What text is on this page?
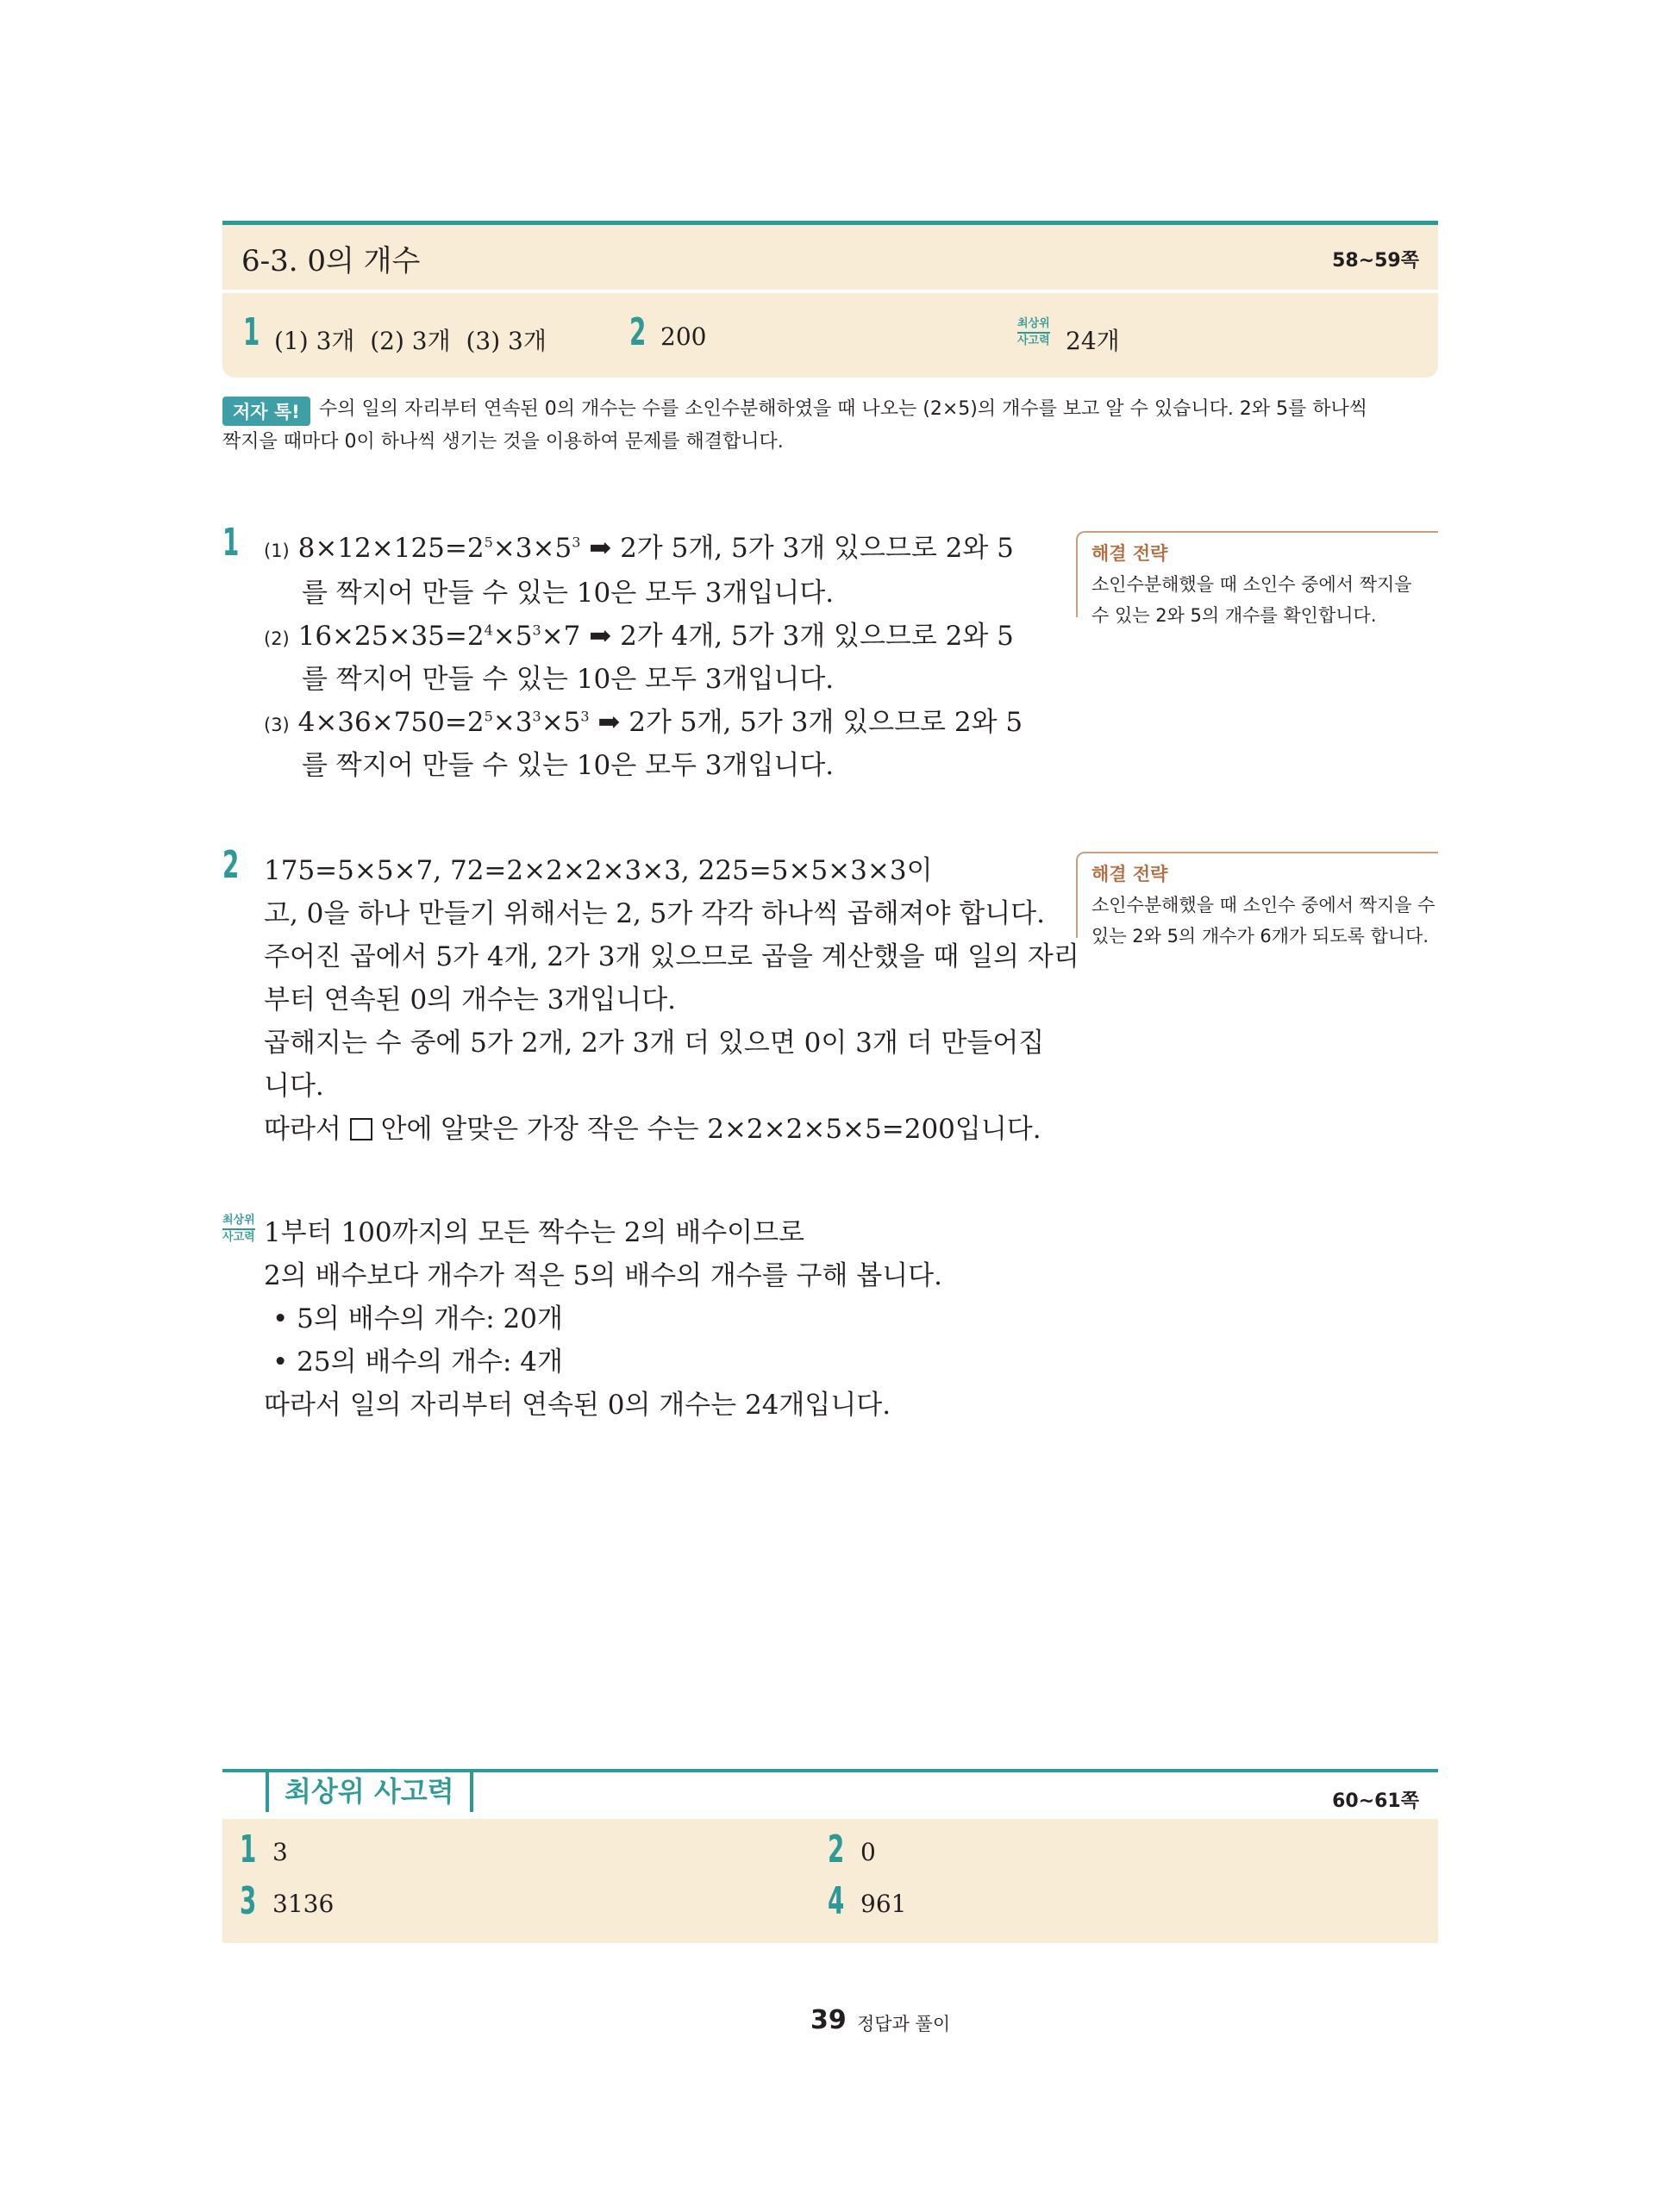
6-3. 0의 개수	58~59쪽
1 (1) 3개  (2) 3개  (3) 3개 2 200	최상위
사고력 24개
저자 톡!	수의 일의 자리부터 연속된 0의 개수는 수를 소인수분해하였을 때 나오는 (2×5)의 개수를 보고 알 수 있습니다. 2와 5를 하나씩
짝지을 때마다 0이 하나씩 생기는 것을 이용하여 문제를 해결합니다.
1 (1) $8\times 12\times 125=2^5\times 3\times 5^3$ ➡ 2가 5개, 5가 3개 있으므로 2와 5
를 짝지어 만들 수 있는 10은 모두 3개입니다.
(2) $16\times 25\times 35=2^4\times 5^3\times 7$ ➡ 2가 4개, 5가 3개 있으므로 2와 5
를 짝지어 만들 수 있는 10은 모두 3개입니다.
(3) $4\times 36\times 750=2^5\times 3^3\times 5^3$ ➡ 2가 5개, 5가 3개 있으므로 2와 5
를 짝지어 만들 수 있는 10은 모두 3개입니다.
해결 전략
소인수분해했을 때 소인수 중에서 짝지을
수 있는 2와 5의 개수를 확인합니다.
2 175=5×5×7, 72=2×2×2×3×3, 225=5×5×3×3이
고, 0을 하나 만들기 위해서는 2, 5가 각각 하나씩 곱해져야 합니다.
주어진 곱에서 5가 4개, 2가 3개 있으므로 곱을 계산했을 때 일의 자리
부터 연속된 0의 개수는 3개입니다.
곱해지는 수 중에 5가 2개, 2가 3개 더 있으면 0이 3개 더 만들어집
니다.
따라서 안에 알맞은 가장 작은 수는 2×2×2×5×5=200입니다.
해결 전략
소인수분해했을 때 소인수 중에서 짝지을 수
있는 2와 5의 개수가 6개가 되도록 합니다.
최상위
사고력 1부터 100까지의 모든 짝수는 2의 배수이므로
2의 배수보다 개수가 적은 5의 배수의 개수를 구해 봅니다.
• 5의 배수의 개수: 20개
• 25의 배수의 개수: 4개
따라서 일의 자리부터 연속된 0의 개수는 24개입니다.
최상위 사고력	60~61쪽
1 3	2 0
3 3136	4 961
39 정답과 풀이
